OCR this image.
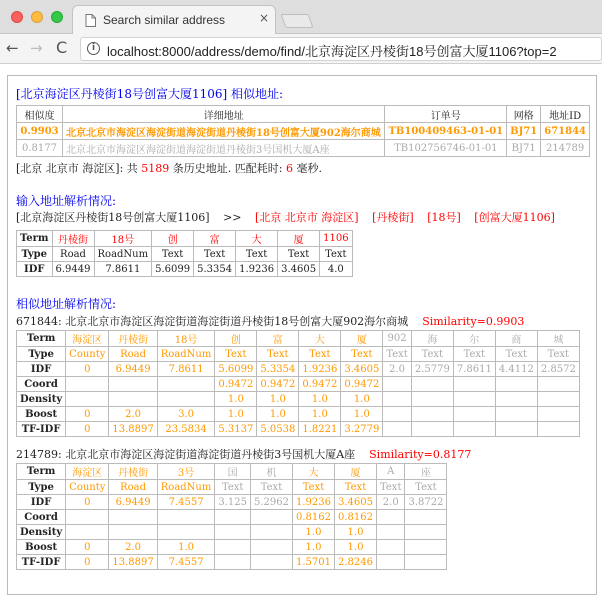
Search similar address	×
← → C	i localhost:8000/address/demo/find/北京海淀区丹棱街18号创富大厦1106?top=2
[北京海淀区丹棱街18号创富大厦1106] 相似地址:
相似度	详细地址	订单号	网格	地址ID
0.9903	北京北京市海淀区海淀街道海淀街道丹棱街18号创富大厦902海尔商城	TB100409463-01-01	BJ71	671844
0.8177	北京北京市海淀区海淀街道海淀街道丹棱街3号国机大厦A座	TB102756746-01-01	BJ71	214789
[北京 北京市 海淀区]: 共 5189 条历史地址. 匹配耗时: 6 毫秒.
输入地址解析情况:
[北京海淀区丹棱街18号创富大厦1106] >> [北京 北京市 海淀区] [丹棱街] [18号] [创富大厦1106]
Term	丹棱街	18号	创	富	大	厦	1106
Type	Road	RoadNum	Text	Text	Text	Text	Text
IDF	6.9449	7.8611	5.6099	5.3354	1.9236	3.4605	4.0
相似地址解析情况:
671844: 北京北京市海淀区海淀街道海淀街道丹棱街18号创富大厦902海尔商城 Similarity=0.9903
Term	海淀区	丹棱街	18号	创	富	大	厦	902	海	尔	商	城
Type	County	Road	RoadNum	Text	Text	Text	Text	Text	Text	Text	Text	Text
IDF	0	6.9449	7.8611	5.6099	5.3354	1.9236	3.4605	2.0	2.5779	7.8611	4.4112	2.8572
Coord				0.9472	0.9472	0.9472	0.9472					
Density				1.0	1.0	1.0	1.0					
Boost	0	2.0	3.0	1.0	1.0	1.0	1.0					
TF-IDF	0	13.8897	23.5834	5.3137	5.0538	1.8221	3.2779					
214789: 北京北京市海淀区海淀街道海淀街道丹棱街3号国机大厦A座 Similarity=0.8177
Term	海淀区	丹棱街	3号	国	机	大	厦	A	座
Type	County	Road	RoadNum	Text	Text	Text	Text	Text	Text
IDF	0	6.9449	7.4557	3.125	5.2962	1.9236	3.4605	2.0	3.8722
Coord						0.8162	0.8162		
Density						1.0	1.0		
Boost	0	2.0	1.0			1.0	1.0		
TF-IDF	0	13.8897	7.4557			1.5701	2.8246		
